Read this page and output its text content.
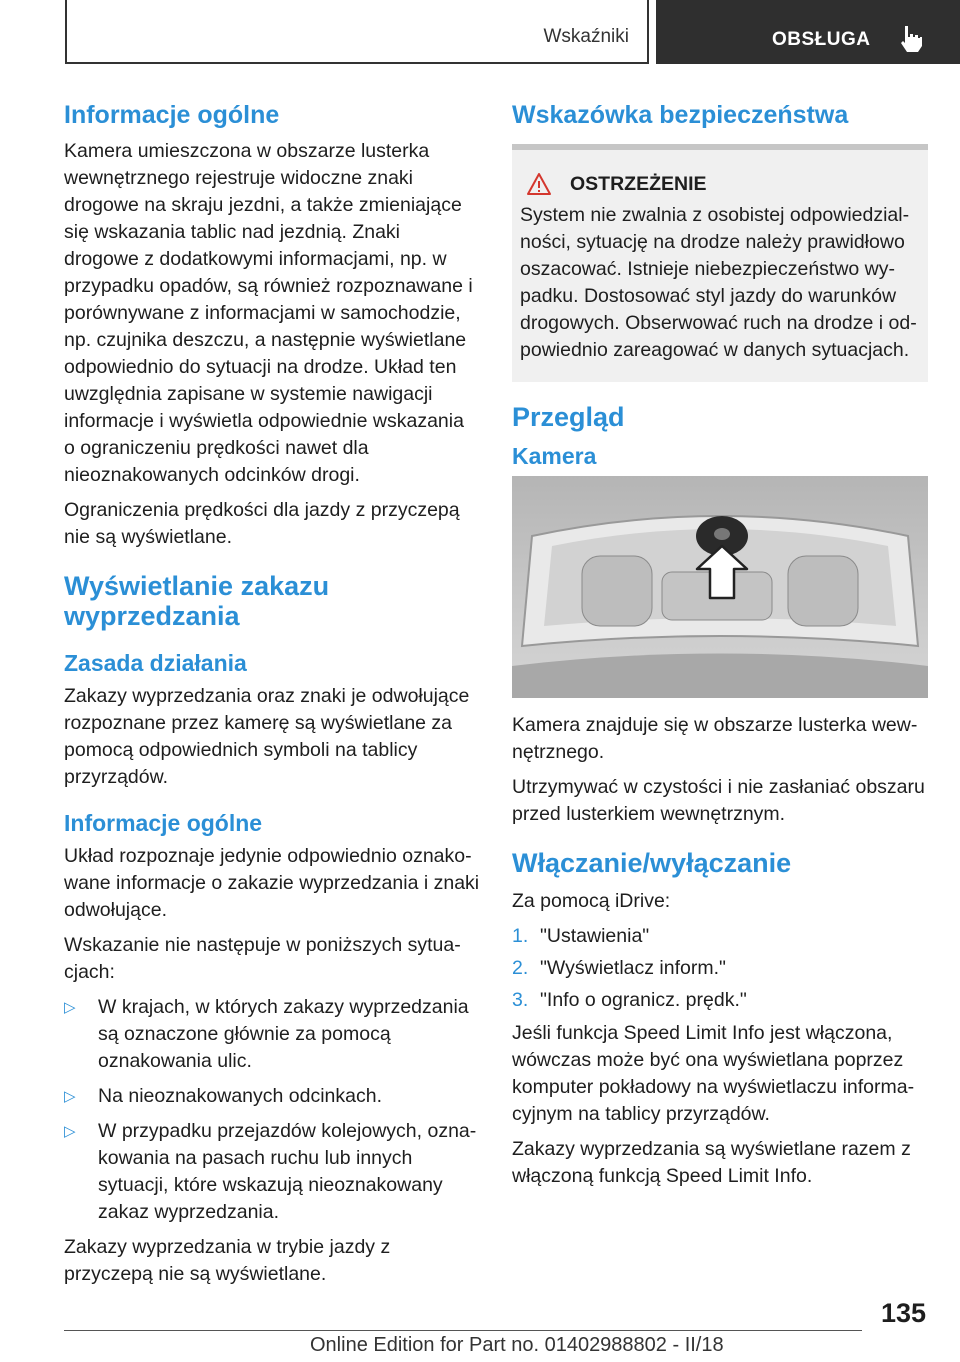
Wskaźniki	OBSŁUGA
Informacje ogólne

Kamera umieszczona w obszarze lusterka wewnętrznego rejestruje widoczne znaki drogowe na skraju jezdni, a także zmieniające się wskazania tablic nad jezdnią. Znaki drogowe z dodatkowymi informacjami, np. w przypadku opadów, są również rozpoznawane i porównywane z informacjami w samochodzie, np. czujnika deszczu, a następnie wyświetlane odpowiednio do sytuacji na drodze. Układ ten uwzględnia zapisane w systemie nawigacji informacje i wyświetla odpowiednie wskazania o ograniczeniu prędkości nawet dla nieoznakowanych odcinków drogi.

Ograniczenia prędkości dla jazdy z przyczepą nie są wyświetlane.

Wyświetlanie zakazu wyprzedzania
Zasada działania

Zakazy wyprzedzania oraz znaki je odwołujące rozpoznane przez kamerę są wyświetlane za pomocą odpowiednich symboli na tablicy przyrządów.

Informacje ogólne

Układ rozpoznaje jedynie odpowiednio oznakowane informacje o zakazie wyprzedzania i znaki odwołujące.

Wskazanie nie następuje w poniższych sytuacjach:

▷ W krajach, w których zakazy wyprzedzania są oznaczone głównie za pomocą oznakowania ulic.
▷ Na nieoznakowanych odcinkach.
▷ W przypadku przejazdów kolejowych, oznakowania na pasach ruchu lub innych sytuacji, które wskazują nieoznakowany zakaz wyprzedzania.

Zakazy wyprzedzania w trybie jazdy z przyczepą nie są wyświetlane.

Wskazówka bezpieczeństwa
OSTRZEŻENIE

System nie zwalnia z osobistej odpowiedzialności, sytuację na drodze należy prawidłowo oszacować. Istnieje niebezpieczeństwo wypadku. Dostosować styl jazdy do warunków drogowych. Obserwować ruch na drodze i odpowiednio zareagować w danych sytuacjach.

Przegląd
Kamera

Kamera znajduje się w obszarze lusterka wewnętrznego.

Utrzymywać w czystości i nie zasłaniać obszaru przed lusterkiem wewnętrznym.

Włączanie/wyłączanie

Za pomocą iDrive:

1. "Ustawienia"
2. "Wyświetlacz inform."
3. "Info o ogranicz. prędk."

Jeśli funkcja Speed Limit Info jest włączona, wówczas może być ona wyświetlana poprzez komputer pokładowy na wyświetlaczu informacyjnym na tablicy przyrządów.

Zakazy wyprzedzania są wyświetlane razem z włączoną funkcją Speed Limit Info.

135
Online Edition for Part no. 01402988802 - II/18
